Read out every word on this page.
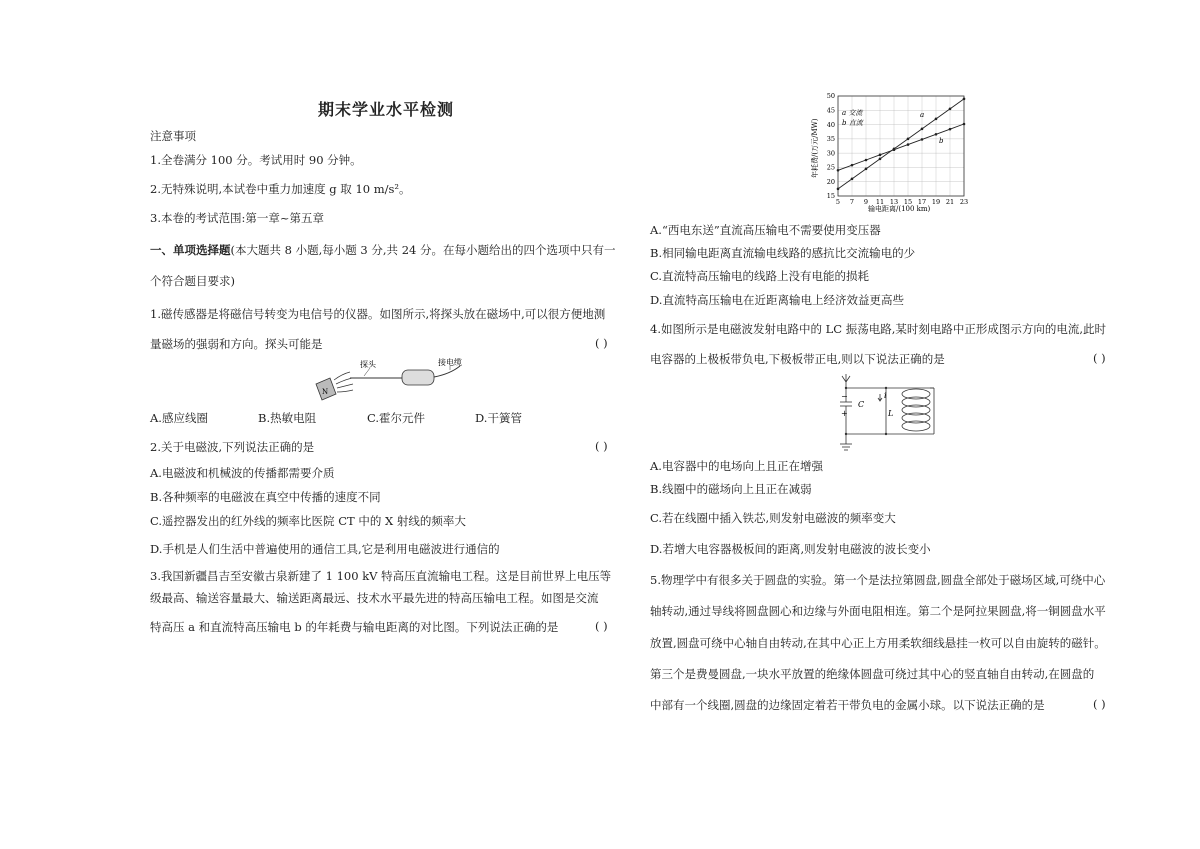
期末学业水平检测
注意事项
1.全卷满分 100 分。考试用时 90 分钟。
2.无特殊说明,本试卷中重力加速度 g 取 10 m/s²。
3.本卷的考试范围:第一章~第五章
一、单项选择题(本大题共 8 小题,每小题 3 分,共 24 分。在每小题给出的四个选项中只有一
个符合题目要求)
1.磁传感器是将磁信号转变为电信号的仪器。如图所示,将探头放在磁场中,可以很方便地测
量磁场的强弱和方向。探头可能是	( )
N
探头	接电缆
A.感应线圈	B.热敏电阻	C.霍尔元件	D.干簧管
2.关于电磁波,下列说法正确的是	( )
A.电磁波和机械波的传播都需要介质
B.各种频率的电磁波在真空中传播的速度不同
C.遥控器发出的红外线的频率比医院 CT 中的 X 射线的频率大
D.手机是人们生活中普遍使用的通信工具,它是利用电磁波进行通信的
3.我国新疆昌吉至安徽古泉新建了 1 100 kV 特高压直流输电工程。这是目前世界上电压等
级最高、输送容量最大、输送距离最远、技术水平最先进的特高压输电工程。如图是交流
特高压 a 和直流特高压输电 b 的年耗费与输电距离的对比图。下列说法正确的是	( )
5 7 9 11 13 15 17 19 21 23
15
20
25
30
35
40
45
50
a 交流
b 直流
a
b
输电距离/(100 km)
年耗费/(万元/MW)
A.“西电东送”直流高压输电不需要使用变压器
B.相同输电距离直流输电线路的感抗比交流输电的少
C.直流特高压输电的线路上没有电能的损耗
D.直流特高压输电在近距离输电上经济效益更高些
4.如图所示是电磁波发射电路中的 LC 振荡电路,某时刻电路中正形成图示方向的电流,此时
电容器的上极板带负电,下极板带正电,则以下说法正确的是	( )
−
+
C
i
L
A.电容器中的电场向上且正在增强
B.线圈中的磁场向上且正在减弱
C.若在线圈中插入铁芯,则发射电磁波的频率变大
D.若增大电容器极板间的距离,则发射电磁波的波长变小
5.物理学中有很多关于圆盘的实验。第一个是法拉第圆盘,圆盘全部处于磁场区域,可绕中心
轴转动,通过导线将圆盘圆心和边缘与外面电阻相连。第二个是阿拉果圆盘,将一铜圆盘水平
放置,圆盘可绕中心轴自由转动,在其中心正上方用柔软细线悬挂一枚可以自由旋转的磁针。
第三个是费曼圆盘,一块水平放置的绝缘体圆盘可绕过其中心的竖直轴自由转动,在圆盘的
中部有一个线圈,圆盘的边缘固定着若干带负电的金属小球。以下说法正确的是	( )
